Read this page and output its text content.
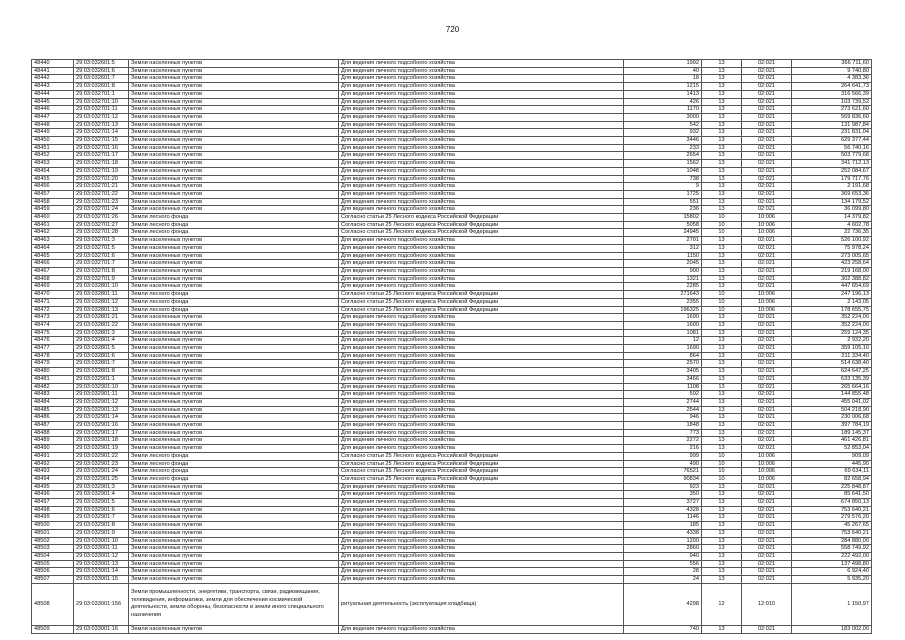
720
48440	29:03:032601:5	Земли населенных пунктов	Для ведения личного подсобного хозяйства	1992	13	02:021	366 711,60
48441	29:03:032601:6	Земли населенных пунктов	Для ведения личного подсобного хозяйства	40	13	02:021	9 740,80
48442	29:03:032601:7	Земли населенных пунктов	Для ведения личного подсобного хозяйства	18	13	02:021	4 383,36
48443	29:03:032601:8	Земли населенных пунктов	Для ведения личного подсобного хозяйства	1215	13	02:021	264 641,73
48444	29:03:032701:1	Земли населенных пунктов	Для ведения личного подсобного хозяйства	1413	13	02:021	316 566,39
48445	29:03:032701:10	Земли населенных пунктов	Для ведения личного подсобного хозяйства	426	13	02:021	103 739,52
48446	29:03:032701:11	Земли населенных пунктов	Для ведения личного подсобного хозяйства	1170	13	02:021	273 621,60
48447	29:03:032701:12	Земли населенных пунктов	Для ведения личного подсобного хозяйства	3000	13	02:021	569 836,60
48448	29:03:032701:13	Земли населенных пунктов	Для ведения личного подсобного хозяйства	542	13	02:021	131 987,84
48449	29:03:032701:14	Земли населенных пунктов	Для ведения личного подсобного хозяйства	932	13	02:021	231 831,04
48450	29:03:032701:15	Земли населенных пунктов	Для ведения личного подсобного хозяйства	3446	13	02:021	629 377,44
48451	29:03:032701:16	Земли населенных пунктов	Для ведения личного подсобного хозяйства	233	13	02:021	56 740,16
48452	29:03:032701:17	Земли населенных пунктов	Для ведения личного подсобного хозяйства	2654	13	02:021	503 779,68
48453	29:03:032701:18	Земли населенных пунктов	Для ведения личного подсобного хозяйства	1562	13	02:021	341 712,13
48454	29:03:032701:19	Земли населенных пунктов	Для ведения личного подсобного хозяйства	1048	13	02:021	252 084,67
48455	29:03:032701:20	Земли населенных пунктов	Для ведения личного подсобного хозяйства	738	13	02:021	179 717,76
48456	29:03:032701:21	Земли населенных пунктов	Для ведения личного подсобного хозяйства	9	13	02:021	2 191,68
48457	29:03:032701:22	Земли населенных пунктов	Для ведения личного подсобного хозяйства	1725	13	02:021	369 653,36
48458	29:03:032701:23	Земли населенных пунктов	Для ведения личного подсобного хозяйства	551	13	02:021	134 179,52
48459	29:03:032701:24	Земли населенных пунктов	Для ведения личного подсобного хозяйства	236	13	02:021	36 099,80
48460	29:03:032701:26	Земли лесного фонда	Согласно статьи 25 Лесного кодекса Российской Федерации	15802	10	10:006	14 379,82
48461	29:03:032701:27	Земли лесного фонда	Согласно статьи 25 Лесного кодекса Российской Федерации	5058	10	10:006	4 602,78
48462	29:03:032701:28	Земли лесного фонда	Согласно статьи 25 Лесного кодекса Российской Федерации	24945	10	10:006	22 736,35
48463	29:03:032701:3	Земли населенных пунктов	Для ведения личного подсобного хозяйства	2701	13	02:021	526 100,92
48464	29:03:032701:5	Земли населенных пунктов	Для ведения личного подсобного хозяйства	312	13	02:021	75 978,24
48465	29:03:032701:6	Земли населенных пунктов	Для ведения личного подсобного хозяйства	1150	13	02:021	273 005,65
48466	29:03:032701:7	Земли населенных пунктов	Для ведения личного подсобного хозяйства	2045	13	02:021	423 258,64
48467	29:03:032701:8	Земли населенных пунктов	Для ведения личного подсобного хозяйства	900	13	02:021	219 168,00
48468	29:03:032701:9	Земли населенных пунктов	Для ведения личного подсобного хозяйства	1321	13	02:021	302 388,82
48469	29:03:032801:10	Земли населенных пунктов	Для ведения личного подсобного хозяйства	2285	13	02:021	447 654,69
48470	29:03:032801:11	Земли лесного фонда	Согласно статьи 25 Лесного кодекса Российской Федерации	271643	10	10:006	247 196,13
48471	29:03:032801:12	Земли лесного фонда	Согласно статьи 25 Лесного кодекса Российской Федерации	2355	10	10:006	2 143,05
48472	29:03:032801:13	Земли лесного фонда	Согласно статьи 25 Лесного кодекса Российской Федерации	196325	10	10:006	178 655,75
48473	29:03:032801:21	Земли населенных пунктов	Для ведения личного подсобного хозяйства	1690	13	02:021	352 224,00
48474	29:03:032801:22	Земли населенных пунктов	Для ведения личного подсобного хозяйства	1600	13	02:021	352 224,00
48475	29:03:032801:3	Земли населенных пунктов	Для ведения личного подсобного хозяйства	1081	13	02:021	259 124,35
48476	29:03:032801:4	Земли населенных пунктов	Для ведения личного подсобного хозяйства	12	13	02:021	2 932,20
48477	29:03:032801:5	Земли населенных пунктов	Для ведения личного подсобного хозяйства	1690	13	02:021	359 105,10
48478	29:03:032801:6	Земли населенных пунктов	Для ведения личного подсобного хозяйства	864	13	02:021	211 334,40
48479	29:03:032801:7	Земли населенных пунктов	Для ведения личного подсобного хозяйства	2570	13	02:021	514 638,40
48480	29:03:032801:8	Земли населенных пунктов	Для ведения личного подсобного хозяйства	3405	13	02:021	624 647,25
48481	29:03:032901:1	Земли населенных пунктов	Для ведения личного подсобного хозяйства	3466	13	02:021	633 135,39
48482	29:03:032901:10	Земли населенных пунктов	Для ведения личного подсобного хозяйства	1108	13	02:021	265 664,16
48483	29:03:032901:11	Земли населенных пунктов	Для ведения личного подсобного хозяйства	592	13	02:021	144 855,48
48484	29:03:032901:12	Земли населенных пунктов	Для ведения личного подсобного хозяйства	2744	13	02:021	455 041,02
48485	29:03:032901:13	Земли населенных пунктов	Для ведения личного подсобного хозяйства	2544	13	02:021	504 218,90
48486	29:03:032901:14	Земли населенных пунктов	Для ведения личного подсобного хозяйства	946	13	02:021	230 006,68
48487	29:03:032901:16	Земли населенных пунктов	Для ведения личного подсобного хозяйства	1848	13	02:021	397 784,19
48488	29:03:032901:17	Земли населенных пунктов	Для ведения личного подсобного хозяйства	773	13	02:021	189 145,37
48489	29:03:032901:18	Земли населенных пунктов	Для ведения личного подсобного хозяйства	2272	13	02:021	461 426,81
48490	29:03:032901:19	Земли населенных пунктов	Для ведения личного подсобного хозяйства	216	13	02:021	52 853,04
48491	29:03:032901:22	Земли лесного фонда	Согласно статьи 25 Лесного кодекса Российской Федерации	999	10	10:006	909,09
48492	29:03:032901:23	Земли лесного фонда	Согласно статьи 25 Лесного кодекса Российской Федерации	490	10	10:006	445,90
48493	29:03:032901:24	Земли лесного фонда	Согласно статьи 25 Лесного кодекса Российской Федерации	76521	10	10:006	69 634,11
48494	29:03:032901:25	Земли лесного фонда	Согласно статьи 25 Лесного кодекса Российской Федерации	90834	10	10:006	82 658,94
48495	29:03:032901:3	Земли населенных пунктов	Для ведения личного подсобного хозяйства	923	13	02:021	225 848,87
48496	29:03:032901:4	Земли населенных пунктов	Для ведения личного подсобного хозяйства	350	13	02:021	85 641,50
48497	29:03:032901:5	Земли населенных пунктов	Для ведения личного подсобного хозяйства	3727	13	02:021	674 850,13
48498	29:03:032901:6	Земли населенных пунктов	Для ведения личного подсобного хозяйства	4328	13	02:021	753 640,21
48499	29:03:032901:7	Земли населенных пунктов	Для ведения личного подсобного хозяйства	1146	13	02:021	279 576,20
48500	29:03:032901:8	Земли населенных пунктов	Для ведения личного подсобного хозяйства	185	13	02:021	45 267,65
48501	29:03:032901:9	Земли населенных пунктов	Для ведения личного подсобного хозяйства	4338	13	02:021	753 640,21
48502	29:03:033001:10	Земли населенных пунктов	Для ведения личного подсобного хозяйства	1200	13	02:021	284 880,00
48503	29:03:033001:11	Земли населенных пунктов	Для ведения личного подсобного хозяйства	2860	13	02:021	558 749,92
48504	29:03:033001:12	Земли населенных пунктов	Для ведения личного подсобного хозяйства	940	13	02:021	222 492,00
48505	29:03:033001:13	Земли населенных пунктов	Для ведения личного подсобного хозяйства	556	13	02:021	137 498,80
48506	29:03:033001:14	Земли населенных пунктов	Для ведения личного подсобного хозяйства	28	13	02:021	6 924,40
48507	29:03:033001:15	Земли населенных пунктов	Для ведения личного подсобного хозяйства	24	13	02:021	5 935,20
48508	29:03:033001:156	Земли промышленности, энергетики, транспорта, связи, радиовещания, телевидения, информатики, земли для обеспечения космической деятельности, земли обороны, безопасности и земли иного специального назначения	ритуальная деятельность (эксплуатация кладбища)	4298	12	12:010	1 150,97
48509	29:03:033001:16	Земли населенных пунктов	Для ведения личного подсобного хозяйства	740	13	02:021	183 002,00
